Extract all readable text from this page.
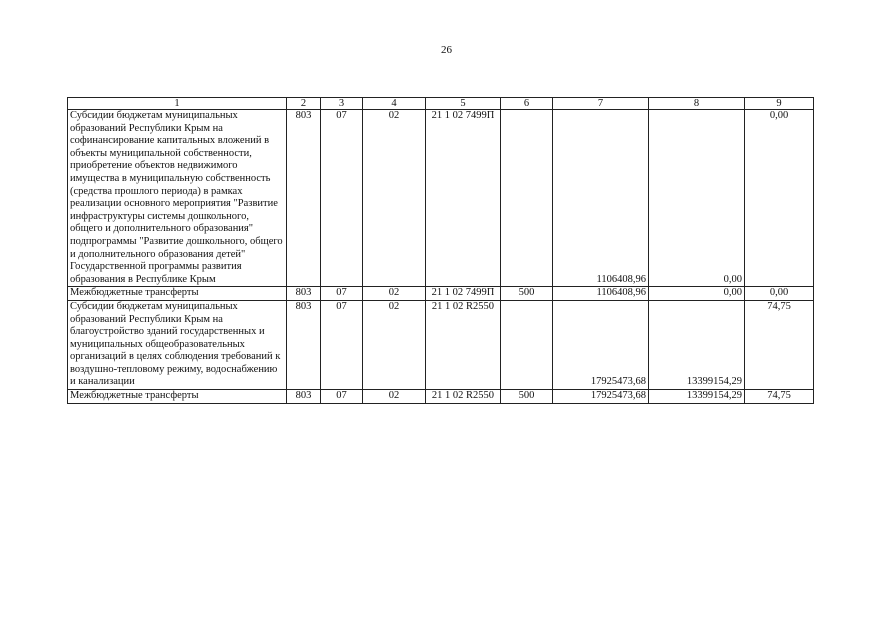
26
1	2	3	4	5	6	7	8	9
Субсидии бюджетам муниципальных образований Республики Крым на софинансирование капитальных вложений в объекты муниципальной собственности, приобретение объектов недвижимого имущества в муниципальную собственность (средства прошлого периода) в рамках реализации основного мероприятия "Развитие инфраструктуры системы дошкольного, общего и дополнительного образования" подпрограммы "Развитие дошкольного, общего и дополнительного образования детей" Государственной программы развития образования в Республике Крым	803	07	02	21 1 02 7499П		1106408,96	0,00	0,00
Межбюджетные трансферты	803	07	02	21 1 02 7499П	500	1106408,96	0,00	0,00
Субсидии бюджетам муниципальных образований Республики Крым на благоустройство зданий государственных и муниципальных общеобразовательных организаций в целях соблюдения требований к воздушно-тепловому режиму, водоснабжению и канализации	803	07	02	21 1 02 R2550		17925473,68	13399154,29	74,75
Межбюджетные трансферты	803	07	02	21 1 02 R2550	500	17925473,68	13399154,29	74,75
